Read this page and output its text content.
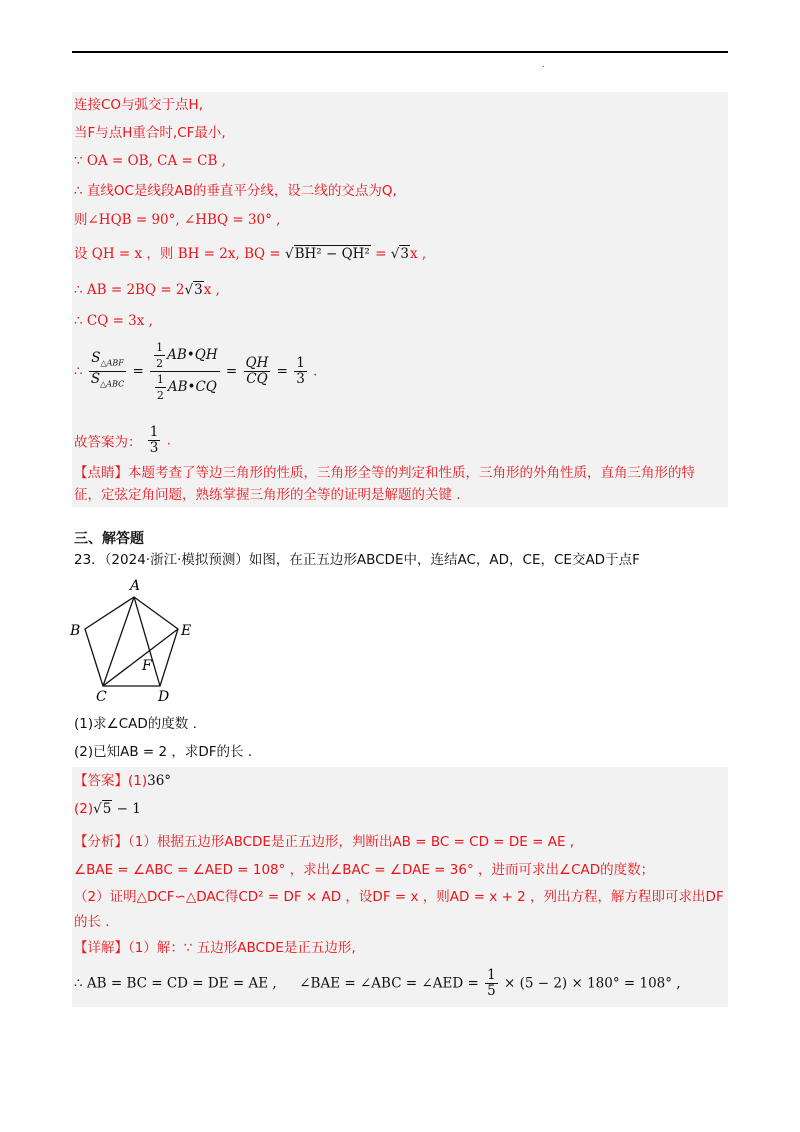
.
连接CO与弧交于点H,
当F与点H重合时,CF最小,
∵ OA = OB, CA = CB ,
∴ 直线OC是线段AB的垂直平分线，设二线的交点为Q,
则∠HQB = 90°, ∠HBQ = 30° ,
设 QH = x ，则 BH = 2x, BQ = √BH² − QH² = √3x ,
∴ AB = 2BQ = 2√3x ,
∴ CQ = 3x ,
∴ $\frac{S_{\triangle ABF}}{S_{\triangle ABC}} = \frac{\frac{1}{2} AB•QH}{\frac{1}{2} AB•CQ} = \frac{QH}{CQ} = \frac{1}{3}$ .
故答案为： $\frac{1}{3}$ .
【点睛】本题考查了等边三角形的性质，三角形全等的判定和性质，三角形的外角性质，直角三角形的特
征，定弦定角问题，熟练掌握三角形的全等的证明是解题的关键 .
三、解答题
23．（2024·浙江·模拟预测）如图，在正五边形ABCDE中，连结AC，AD，CE，CE交AD于点F
A
B
C	D
E
F
(1)求∠CAD的度数 .
(2)已知AB = 2 ，求DF的长 .
【答案】(1)36°
(2)√5 − 1
【分析】（1）根据五边形ABCDE是正五边形，判断出AB = BC = CD = DE = AE ,
∠BAE = ∠ABC = ∠AED = 108° ，求出∠BAC = ∠DAE = 36° ，进而可求出∠CAD的度数；
（2）证明△DCF∽△DAC得CD² = DF × AD ，设DF = x ，则AD = x + 2 ，列出方程，解方程即可求出DF
的长 .
【详解】（1）解：∵ 五边形ABCDE是正五边形,
∴ AB = BC = CD = DE = AE , ∠BAE = ∠ABC = ∠AED = $\frac{1}{5} \times (5 - 2) \times 180^\circ = 108^\circ$ ,
